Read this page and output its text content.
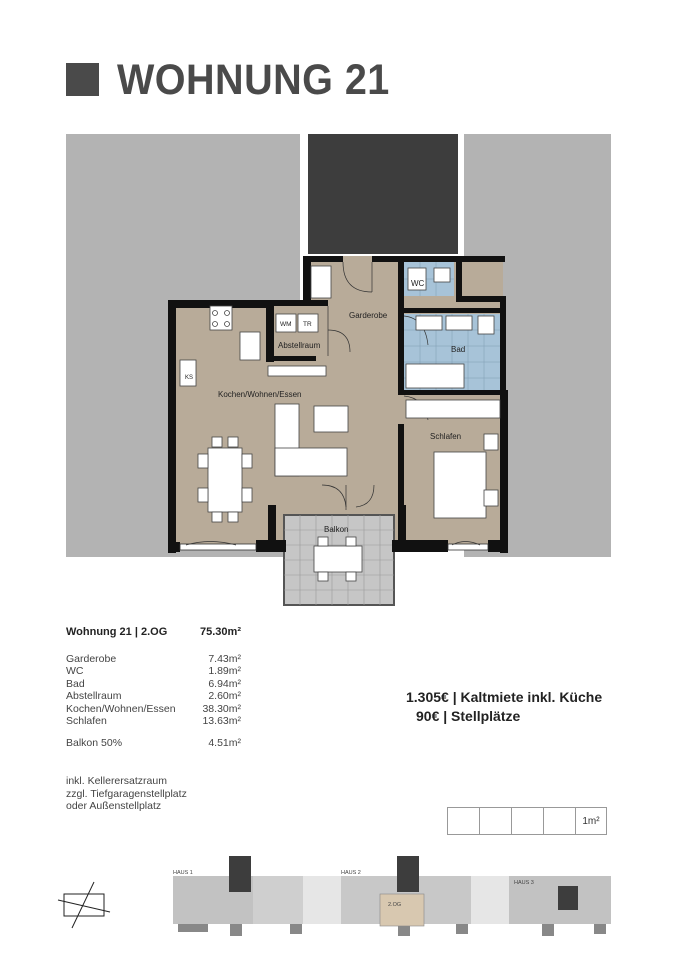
WOHNUNG 21
Garderobe
WC
Bad
Abstellraum
Kochen/Wohnen/Essen
Schlafen
Balkon
WM TR
KS
HAUS 1	HAUS 2
HAUS 3
2.OG
Wohnung 21 | 2.OG	75.30m²
Garderobe	7.43m²
WC	1.89m²
Bad	6.94m²
Abstellraum	2.60m²
Kochen/Wohnen/Essen	38.30m²
Schlafen	13.63m²
Balkon 50%	4.51m²
inkl. Kellerersatzraum
zzgl. Tiefgaragenstellplatz
oder Außenstellplatz
1.305€ | Kaltmiete inkl. Küche
90€ | Stellplätze
1m²
